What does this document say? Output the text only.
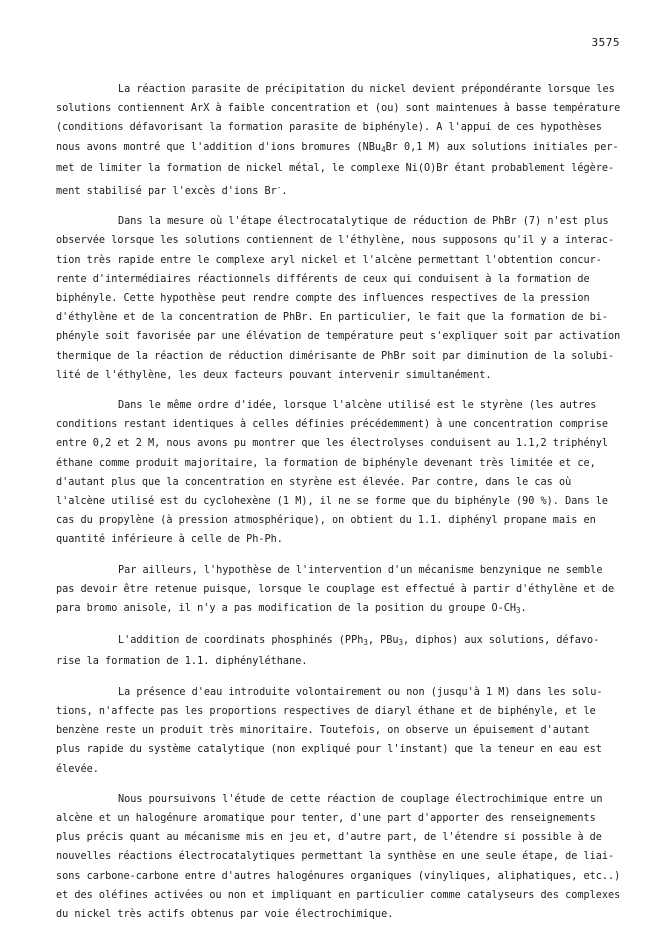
3575
La réaction parasite de précipitation du nickel devient prépondérante lorsque les
solutions contiennent ArX à faible concentration et (ou) sont maintenues à basse température
(conditions défavorisant la formation parasite de biphényle). A l'appui de ces hypothèses
nous avons montré que l'addition d'ions bromures (NBu$_4$Br 0,1 M) aux solutions initiales per-
met de limiter la formation de nickel métal, le complexe Ni(O)Br étant probablement légère-
ment stabilisé par l'excès d'ions Br-.
Dans la mesure où l'étape électrocatalytique de réduction de PhBr (7) n'est plus
observée lorsque les solutions contiennent de l'éthylène, nous supposons qu'il y a interac-
tion très rapide entre le complexe aryl nickel et l'alcène permettant l'obtention concur-
rente d'intermédiaires réactionnels différents de ceux qui conduisent à la formation de
biphényle. Cette hypothèse peut rendre compte des influences respectives de la pression
d'éthylène et de la concentration de PhBr. En particulier, le fait que la formation de bi-
phényle soit favorisée par une élévation de température peut s'expliquer soit par activation
thermique de la réaction de réduction dimérisante de PhBr soit par diminution de la solubi-
lité de l'éthylène, les deux facteurs pouvant intervenir simultanément.
Dans le même ordre d'idée, lorsque l'alcène utilisé est le styrène (les autres
conditions restant identiques à celles définies précédemment) à une concentration comprise
entre 0,2 et 2 M, nous avons pu montrer que les électrolyses conduisent au 1.1,2 triphényl
éthane comme produit majoritaire, la formation de biphényle devenant très limitée et ce,
d'autant plus que la concentration en styrène est élevée. Par contre, dans le cas où
l'alcène utilisé est du cyclohexène (1 M), il ne se forme que du biphényle (90 %). Dans le
cas du propylène (à pression atmosphérique), on obtient du 1.1. diphényl propane mais en
quantité inférieure à celle de Ph-Ph.
Par ailleurs, l'hypothèse de l'intervention d'un mécanisme benzynique ne semble
pas devoir être retenue puisque, lorsque le couplage est effectué à partir d'éthylène et de
para bromo anisole, il n'y a pas modification de la position du groupe $O-CH_3$.
L'addition de coordinats phosphinés (PPh$_3$, PBu$_3$, diphos) aux solutions, défavo-
rise la formation de 1.1. diphényléthane.
La présence d'eau introduite volontairement ou non (jusqu'à 1 M) dans les solu-
tions, n'affecte pas les proportions respectives de diaryl éthane et de biphényle, et le
benzène reste un produit très minoritaire. Toutefois, on observe un épuisement d'autant
plus rapide du système catalytique (non expliqué pour l'instant) que la teneur en eau est
élevée.
Nous poursuivons l'étude de cette réaction de couplage électrochimique entre un
alcène et un halogénure aromatique pour tenter, d'une part d'apporter des renseignements
plus précis quant au mécanisme mis en jeu et, d'autre part, de l'étendre si possible à de
nouvelles réactions électrocatalytiques permettant la synthèse en une seule étape, de liai-
sons carbone-carbone entre d'autres halogénures organiques (vinyliques, aliphatiques, etc..)
et des oléfines activées ou non et impliquant en particulier comme catalyseurs des complexes
du nickel très actifs obtenus par voie électrochimique.
